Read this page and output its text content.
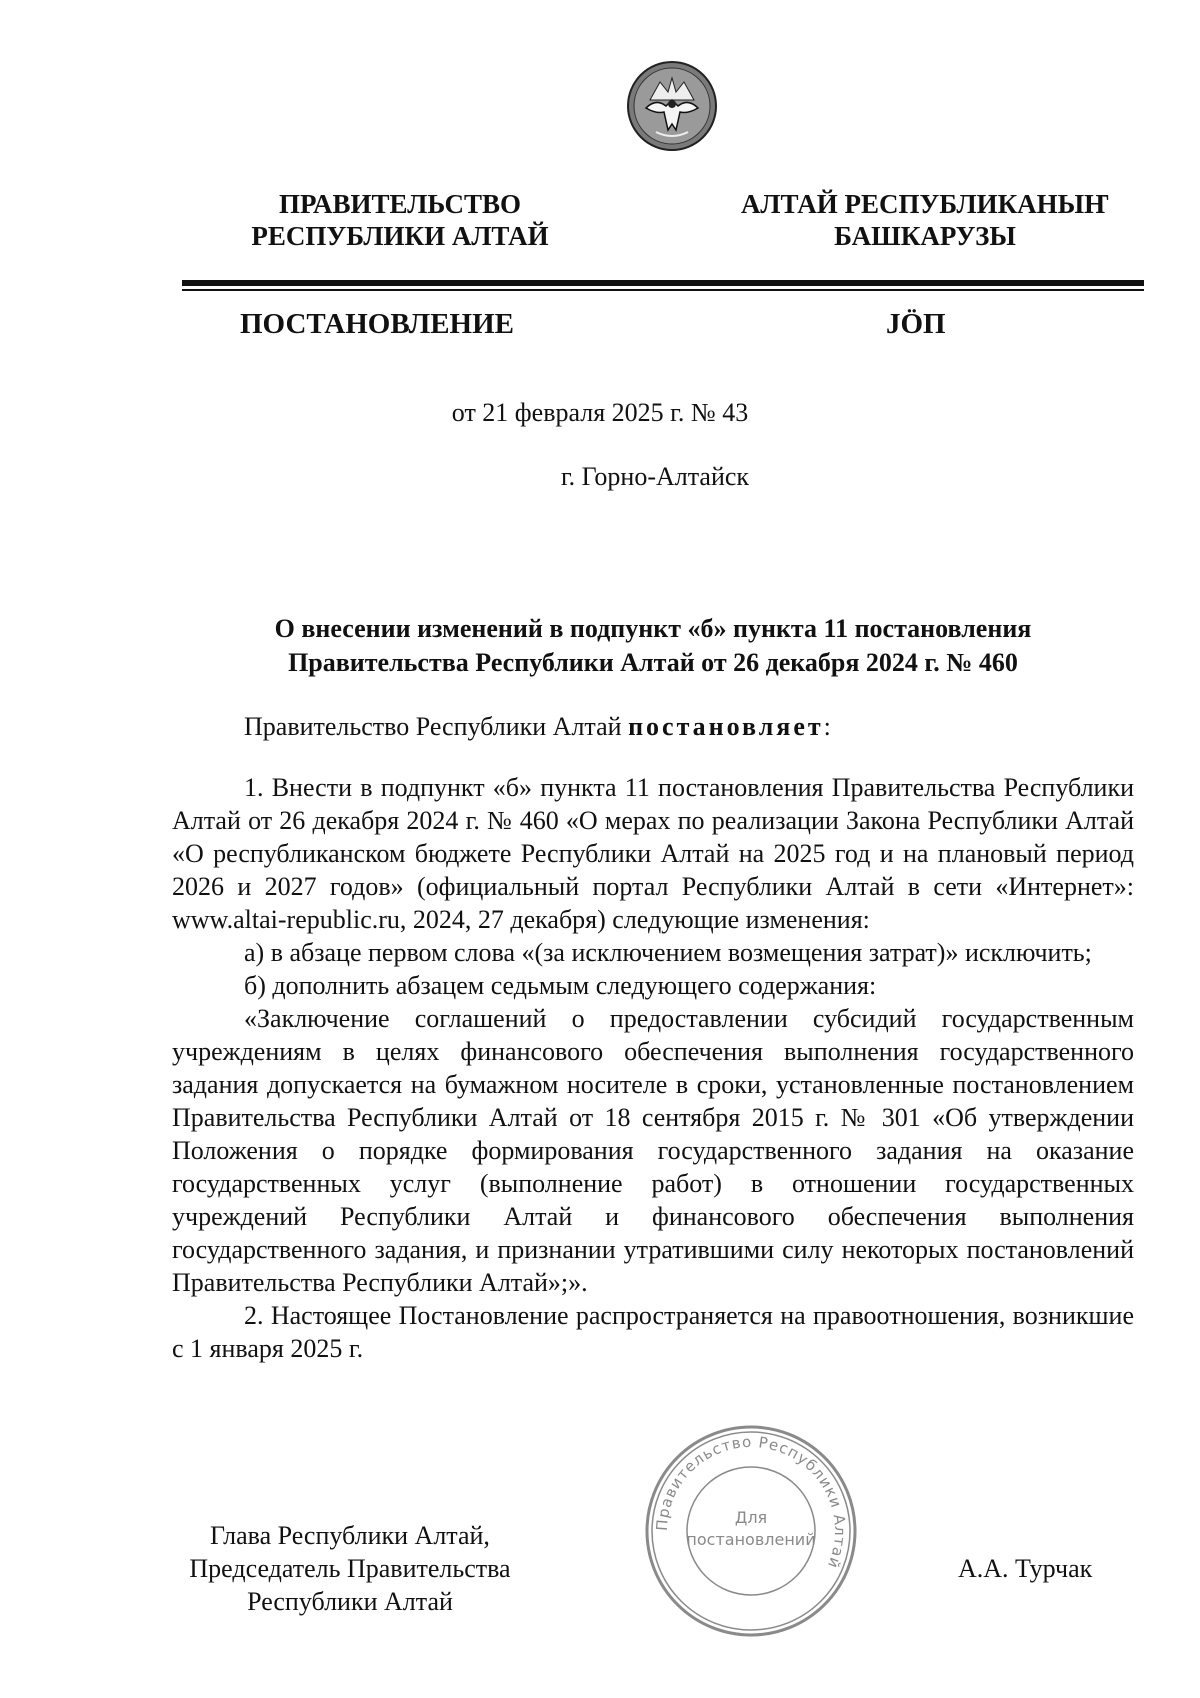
ПРАВИТЕЛЬСТВО
РЕСПУБЛИКИ АЛТАЙ
АЛТАЙ РЕСПУБЛИКАНЫҤ
БАШКАРУЗЫ
ПОСТАНОВЛЕНИЕ	JӦП
от 21 февраля 2025 г. № 43
г. Горно-Алтайск
О внесении изменений в подпункт «б» пункта 11 постановления
Правительства Республики Алтай от 26 декабря 2024 г. № 460

Правительство Республики Алтай постановляет:

1. Внести в подпункт «б» пункта 11 постановления Правительства Республики Алтай от 26 декабря 2024 г. № 460 «О мерах по реализации Закона Республики Алтай «О республиканском бюджете Республики Алтай на 2025 год и на плановый период 2026 и 2027 годов» (официальный портал Республики Алтай в сети «Интернет»: www.altai-republic.ru, 2024, 27 декабря) следующие изменения:

а) в абзаце первом слова «(за исключением возмещения затрат)» исключить;

б) дополнить абзацем седьмым следующего содержания:

«Заключение соглашений о предоставлении субсидий государственным учреждениям в целях финансового обеспечения выполнения государственного задания допускается на бумажном носителе в сроки, установленные постановлением Правительства Республики Алтай от 18 сентября 2015 г. № 301 «Об утверждении Положения о порядке формирования государственного задания на оказание государственных услуг (выполнение работ) в отношении государственных учреждений Республики Алтай и финансового обеспечения выполнения государственного задания, и признании утратившими силу некоторых постановлений Правительства Республики Алтай»;».

2. Настоящее Постановление распространяется на правоотношения, возникшие с 1 января 2025 г.

Правительство Республики Алтай
Для
постановлений
Глава Республики Алтай,
Председатель Правительства
Республики Алтай
А.А. Турчак
